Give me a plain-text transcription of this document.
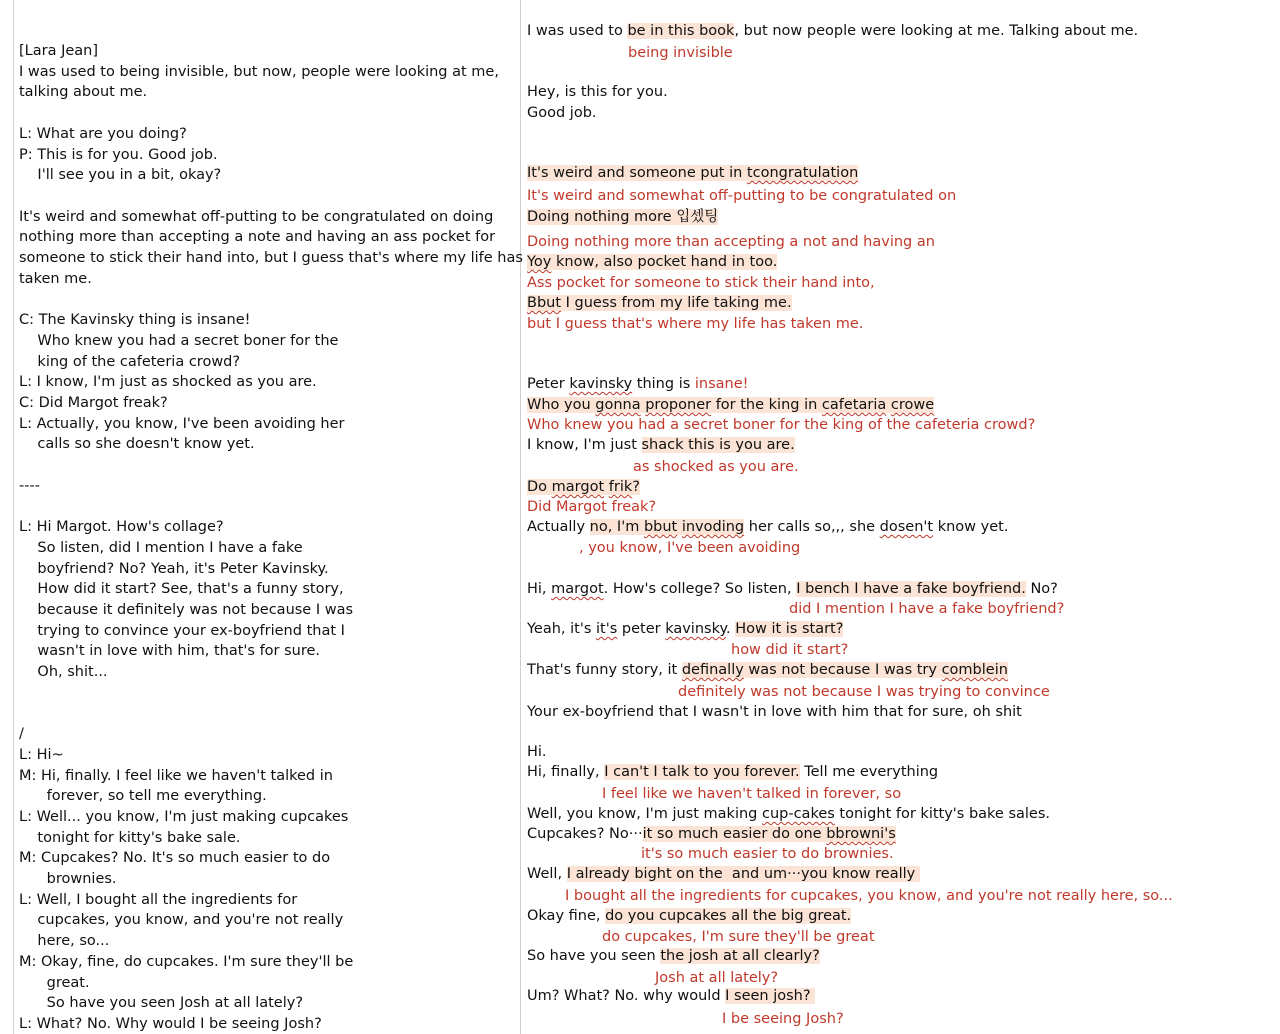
[Lara Jean]
I was used to being invisible, but now, people were looking at me,
talking about me.
L: What are you doing?
P: This is for you. Good job.
I'll see you in a bit, okay?
It's weird and somewhat off-putting to be congratulated on doing
nothing more than accepting a note and having an ass pocket for
someone to stick their hand into, but I guess that's where my life has
taken me.
C: The Kavinsky thing is insane!
Who knew you had a secret boner for the
king of the cafeteria crowd?
L: I know, I'm just as shocked as you are.
C: Did Margot freak?
L: Actually, you know, I've been avoiding her
calls so she doesn't know yet.
----
L: Hi Margot. How's collage?
So listen, did I mention I have a fake
boyfriend? No? Yeah, it's Peter Kavinsky.
How did it start? See, that's a funny story,
because it definitely was not because I was
trying to convince your ex-boyfriend that I
wasn't in love with him, that's for sure.
Oh, shit...
/
L: Hi~
M: Hi, finally. I feel like we haven't talked in
forever, so tell me everything.
L: Well... you know, I'm just making cupcakes
tonight for kitty's bake sale.
M: Cupcakes? No. It's so much easier to do
brownies.
L: Well, I bought all the ingredients for
cupcakes, you know, and you're not really
here, so...
M: Okay, fine, do cupcakes. I'm sure they'll be
great.
So have you seen Josh at all lately?
L: What? No. Why would I be seeing Josh?
I was used to be in this book, but now people were looking at me. Talking about me.
being invisible
Hey, is this for you.
Good job.
It's weird and someone put in tcongratulation
It's weird and somewhat off-putting to be congratulated on
Doing nothing more 입셌팅
Doing nothing more than accepting a not and having an
Yoy know, also pocket hand in too.
Ass pocket for someone to stick their hand into,
Bbut I guess from my life taking me.
but I guess that's where my life has taken me.
Peter kavinsky thing is insane!
Who you gonna proponer for the king in cafetaria crowe
Who knew you had a secret boner for the king of the cafeteria crowd?
I know, I'm just shack this is you are.
as shocked as you are.
Do margot frik?
Did Margot freak?
Actually no, I'm bbut invoding her calls so,,, she dosen't know yet.
, you know, I've been avoiding
Hi, margot. How's college? So listen, I bench I have a fake boyfriend. No?
did I mention I have a fake boyfriend?
Yeah, it's it's peter kavinsky. How it is start?
how did it start?
That's funny story, it definally was not because I was try comblein
definitely was not because I was trying to convince
Your ex-boyfriend that I wasn't in love with him that for sure, oh shit
Hi.
Hi, finally, I can't I talk to you forever. Tell me everything
I feel like we haven't talked in forever, so
Well, you know, I'm just making cup-cakes tonight for kitty's bake sales.
Cupcakes? No···it so much easier do one bbrowni's
it's so much easier to do brownies.
Well, I already bight on the  and um···you know really
I bought all the ingredients for cupcakes, you know, and you're not really here, so...
Okay fine, do you cupcakes all the big great.
do cupcakes, I'm sure they'll be great
So have you seen the josh at all clearly?
Josh at all lately?
Um? What? No. why would I seen josh?
I be seeing Josh?
